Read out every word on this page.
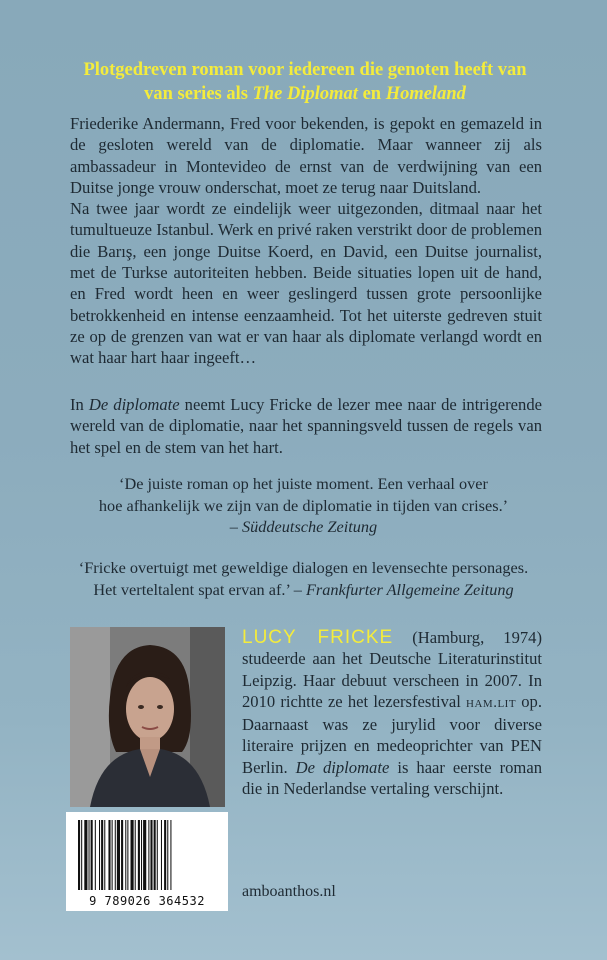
Plotgedreven roman voor iedereen die genoten heeft van
van series als The Diplomat en Homeland

Friederike Andermann, Fred voor bekenden, is gepokt en gemazeld in de gesloten wereld van de diplomatie. Maar wanneer zij als ambassadeur in Montevideo de ernst van de verdwijning van een Duitse jonge vrouw onderschat, moet ze terug naar Duitsland.

Na twee jaar wordt ze eindelijk weer uitgezonden, ditmaal naar het tumultueuze Istanbul. Werk en privé raken verstrikt door de problemen die Barış, een jonge Duitse Koerd, en David, een Duitse journalist, met de Turkse autoriteiten hebben. Beide situaties lopen uit de hand, en Fred wordt heen en weer geslingerd tussen grote persoonlijke betrokkenheid en intense eenzaamheid. Tot het uiterste gedreven stuit ze op de grenzen van wat er van haar als diplomate verlangd wordt en wat haar hart haar ingeeft…

In De diplomate neemt Lucy Fricke de lezer mee naar de intrigerende wereld van de diplomatie, naar het spanningsveld tussen de regels van het spel en de stem van het hart.

‘De juiste roman op het juiste moment. Een verhaal over

hoe afhankelijk we zijn van de diplomatie in tijden van crises.’

– Süddeutsche Zeitung

‘Fricke overtuigt met geweldige dialogen en levensechte personages.

Het verteltalent spat ervan af.’ – Frankfurter Allgemeine Zeitung

LUCY FRICKE (Hamburg, 1974) studeerde aan het Deutsche Literaturinstitut Leipzig. Haar debuut verscheen in 2007. In 2010 richtte ze het lezersfestival ham.lit op. Daarnaast was ze jurylid voor diverse literaire prijzen en medeoprichter van PEN Berlin. De diplomate is haar eerste roman die in Nederlandse vertaling verschijnt.
9 789026 364532
amboanthos.nl
